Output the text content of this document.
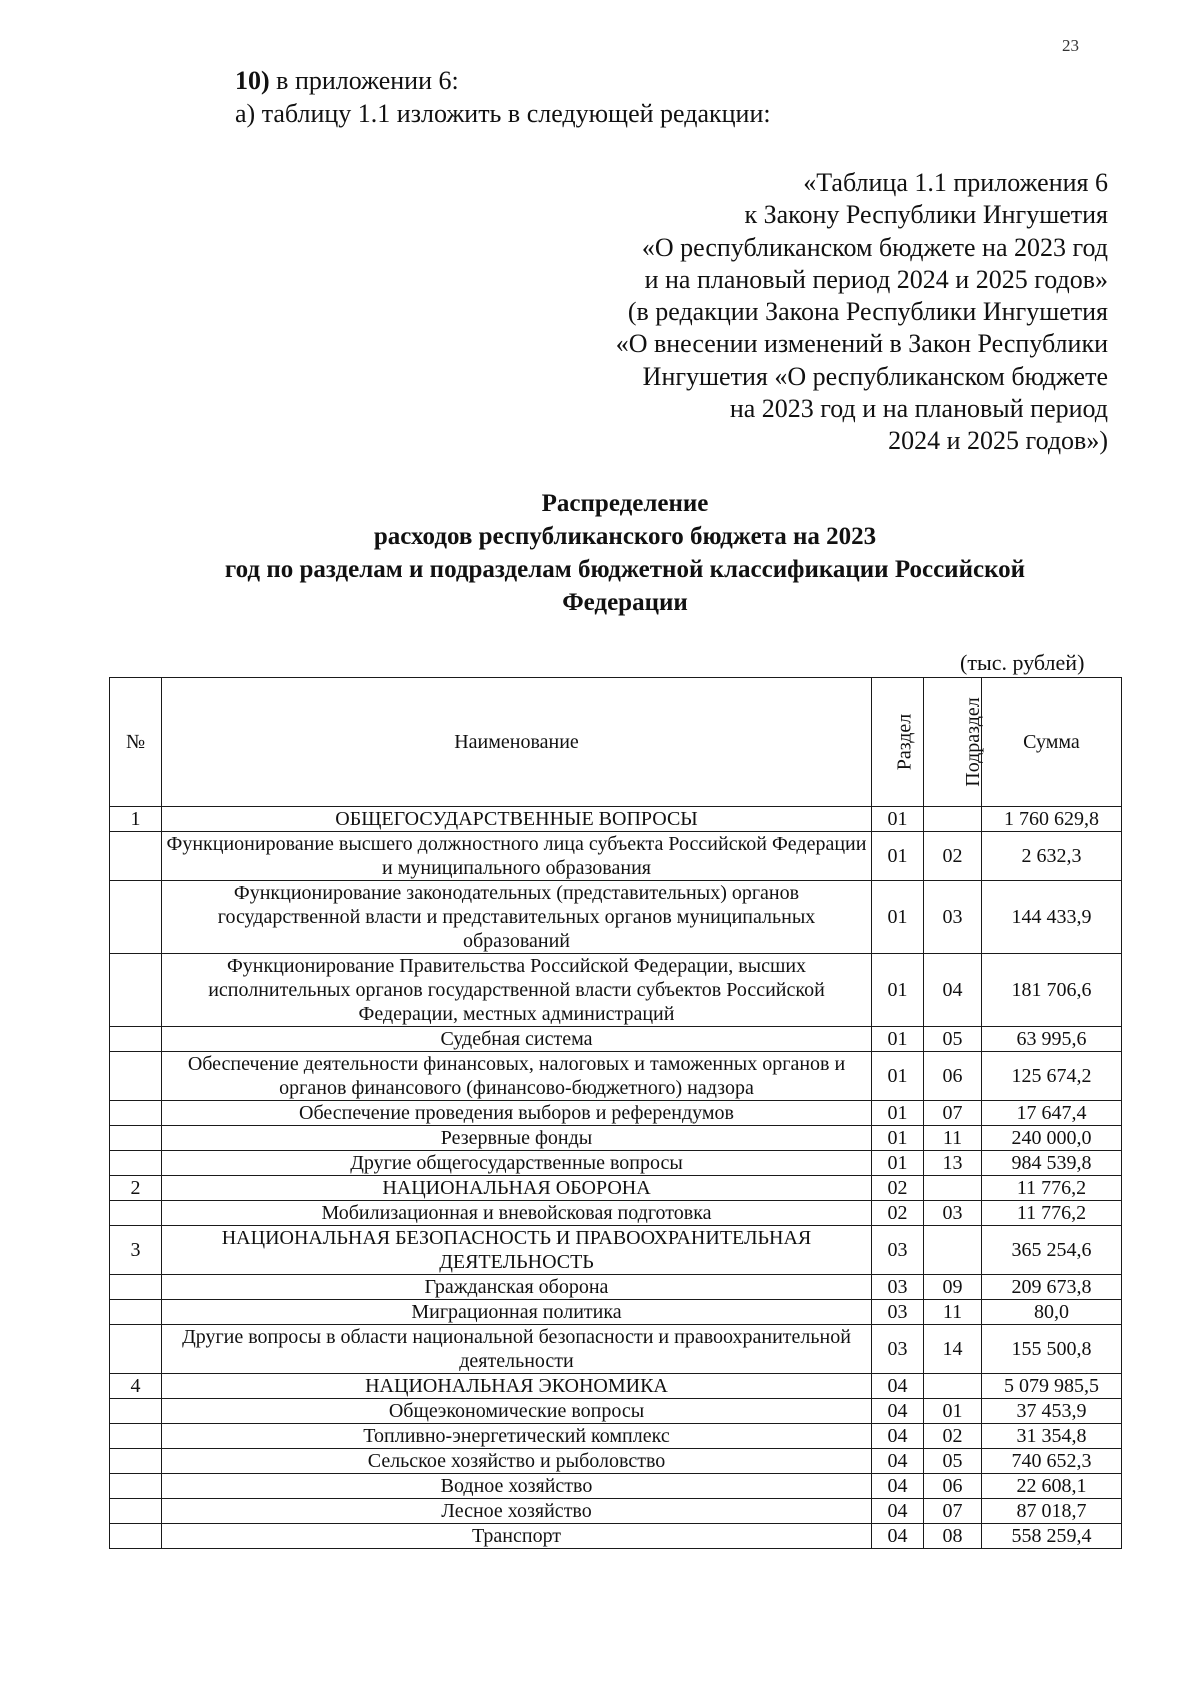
23
10) в приложении 6:
а) таблицу 1.1 изложить в следующей редакции:
«Таблица 1.1 приложения 6
к Закону Республики Ингушетия
«О республиканском бюджете на 2023 год
и на плановый период 2024 и 2025 годов»
(в редакции Закона Республики Ингушетия
«О внесении изменений в Закон Республики
Ингушетия «О республиканском бюджете
на 2023 год и на плановый период
2024 и 2025 годов»)
Распределение
расходов республиканского бюджета на 2023
год по разделам и подразделам бюджетной классификации Российской
Федерации
(тыс. рублей)
№	Наименование	Раздел	Подраздел	Сумма
1	ОБЩЕГОСУДАРСТВЕННЫЕ ВОПРОСЫ	01		1 760 629,8
	Функционирование высшего должностного лица субъекта Российской Федерации и муниципального образования	01	02	2 632,3
	Функционирование законодательных (представительных) органов государственной власти и представительных органов муниципальных образований	01	03	144 433,9
	Функционирование Правительства Российской Федерации, высших исполнительных органов государственной власти субъектов Российской Федерации, местных администраций	01	04	181 706,6
	Судебная система	01	05	63 995,6
	Обеспечение деятельности финансовых, налоговых и таможенных органов и органов финансового (финансово-бюджетного) надзора	01	06	125 674,2
	Обеспечение проведения выборов и референдумов	01	07	17 647,4
	Резервные фонды	01	11	240 000,0
	Другие общегосударственные вопросы	01	13	984 539,8
2	НАЦИОНАЛЬНАЯ ОБОРОНА	02		11 776,2
	Мобилизационная и вневойсковая подготовка	02	03	11 776,2
3	НАЦИОНАЛЬНАЯ БЕЗОПАСНОСТЬ И ПРАВООХРАНИТЕЛЬНАЯ ДЕЯТЕЛЬНОСТЬ	03		365 254,6
	Гражданская оборона	03	09	209 673,8
	Миграционная политика	03	11	80,0
	Другие вопросы в области национальной безопасности и правоохранительной деятельности	03	14	155 500,8
4	НАЦИОНАЛЬНАЯ ЭКОНОМИКА	04		5 079 985,5
	Общеэкономические вопросы	04	01	37 453,9
	Топливно-энергетический комплекс	04	02	31 354,8
	Сельское хозяйство и рыболовство	04	05	740 652,3
	Водное хозяйство	04	06	22 608,1
	Лесное хозяйство	04	07	87 018,7
	Транспорт	04	08	558 259,4
